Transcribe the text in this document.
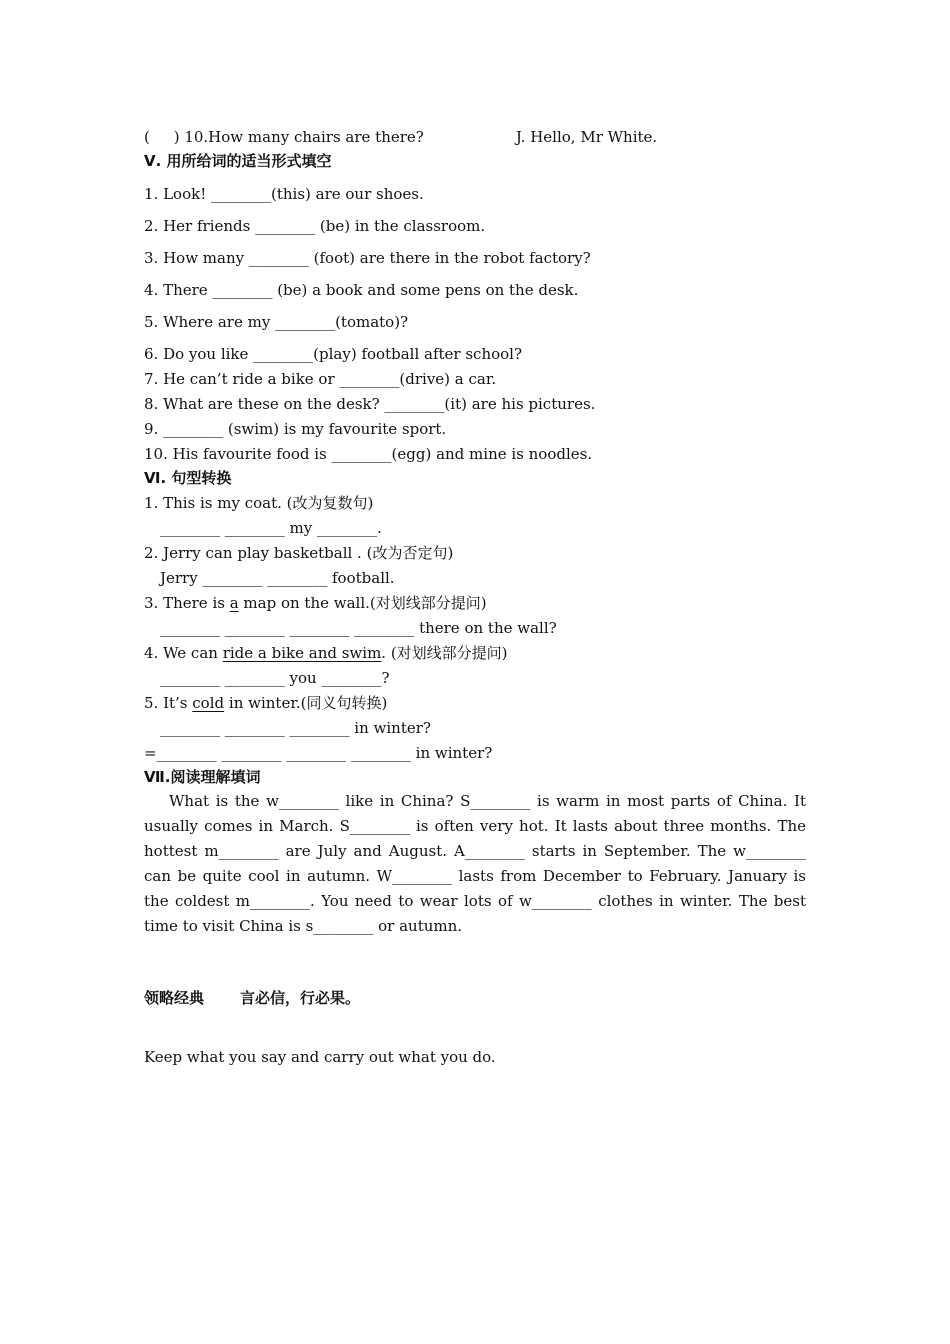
(     ) 10.How many chairs are there?	J. Hello, Mr White.
Ⅴ. 用所给词的适当形式填空
1. Look! ________(this) are our shoes.
2. Her friends ________ (be) in the classroom.
3. How many ________ (foot) are there in the robot factory?
4. There ________ (be) a book and some pens on the desk.
5. Where are my ________(tomato)?
6. Do you like ________(play) football after school?
7. He can’t ride a bike or ________(drive) a car.
8. What are these on the desk? ________(it) are his pictures.
9. ________ (swim) is my favourite sport.
10. His favourite food is ________(egg) and mine is noodles.
Ⅵ. 句型转换
1. This is my coat. (改为复数句)
________ ________ my ________.
2. Jerry can play basketball . (改为否定句)
Jerry ________ ________ football.
3. There is a map on the wall.(对划线部分提问)
________ ________ ________ ________ there on the wall?
4. We can ride a bike and swim. (对划线部分提问)
________ ________ you ________?
5. It’s cold in winter.(同义句转换)
________ ________ ________ in winter?
=________ ________ ________ ________ in winter?
Ⅶ.阅读理解填词
What is the w________ like in China? S________ is warm in most parts of China. It usually comes in March. S________ is often very hot. It lasts about three months. The hottest m________ are July and August. A________ starts in September. The w________ can be quite cool in autumn. W________ lasts from December to February. January is the coldest m________. You need to wear lots of w________ clothes in winter. The best time to visit China is s________ or autumn.
领略经典 言必信，行必果。
Keep what you say and carry out what you do.
